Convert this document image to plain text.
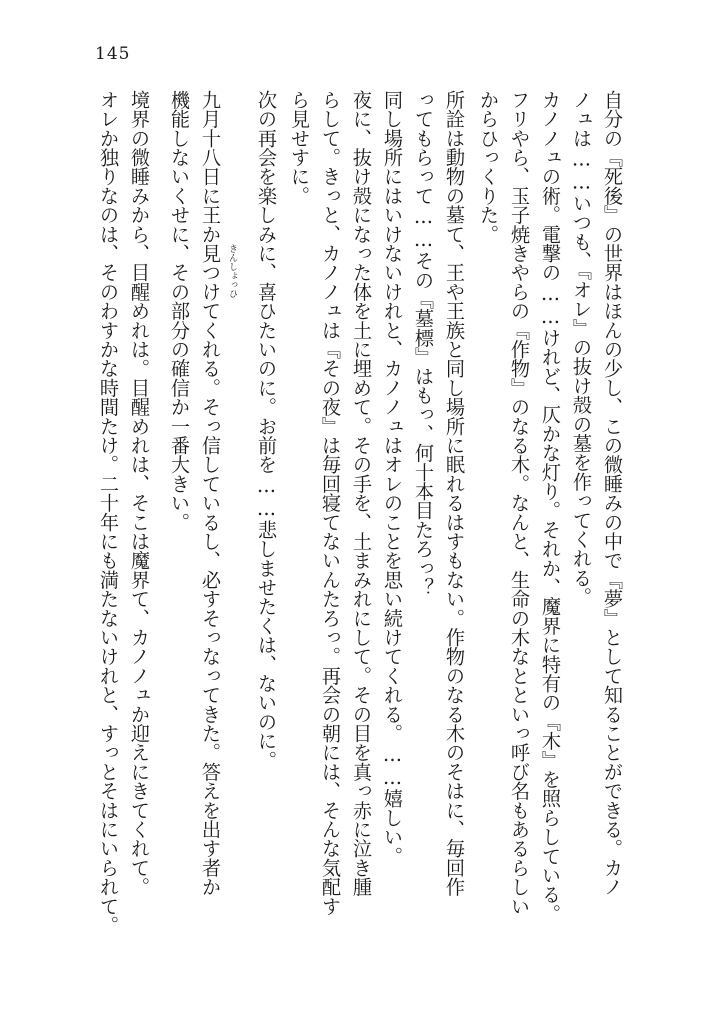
145
自分の『死後』の世界はほんの少し、この微睡みの中で『夢』として知ることができる。カノ
ノュは……いつも、『オレ』の抜け殻の墓を作ってくれる。
カノノュの術。電撃の……けれど、仄かな灯り。それか、魔界に特有の『木』を照らしている。
フリやら、玉子焼きやらの『作物』のなる木。なんと、生命の木なとといっ呼び名もあるらしい
からひっくりた。
所詮は動物の墓て、王や王族と同し場所に眠れるはすもない。作物のなる木のそはに、毎回作
ってもらって……その『墓標』はもっ、何十本目たろっ？
同し場所にはいけないけれと、カノノュはオレのことを思い続けてくれる。……嬉しい。
夜に、抜け殻になった体を土に埋めて。その手を、土まみれにして。その目を真っ赤に泣き腫
らして。きっと、カノノュは『その夜』は毎回寝てないんたろっ。再会の朝には、そんな気配す
ら見せすに。
次の再会を楽しみに、喜ひたいのに。お前を……悲しませたくは、ないのに。
九月十八日に王か見つけてくれる。そっ信しているし、必すそっなってきた。答えを出す者か
機能しないくせに、その部分の確信か一番大きい。
境界の微睡みから、目醒めれは。目醒めれは、そこは魔界て、カノノュか迎えにきてくれて。
オレか独りなのは、そのわすかな時間たけ。二十年にも満たないけれと、すっとそはにいられて。	きんしょっひ
